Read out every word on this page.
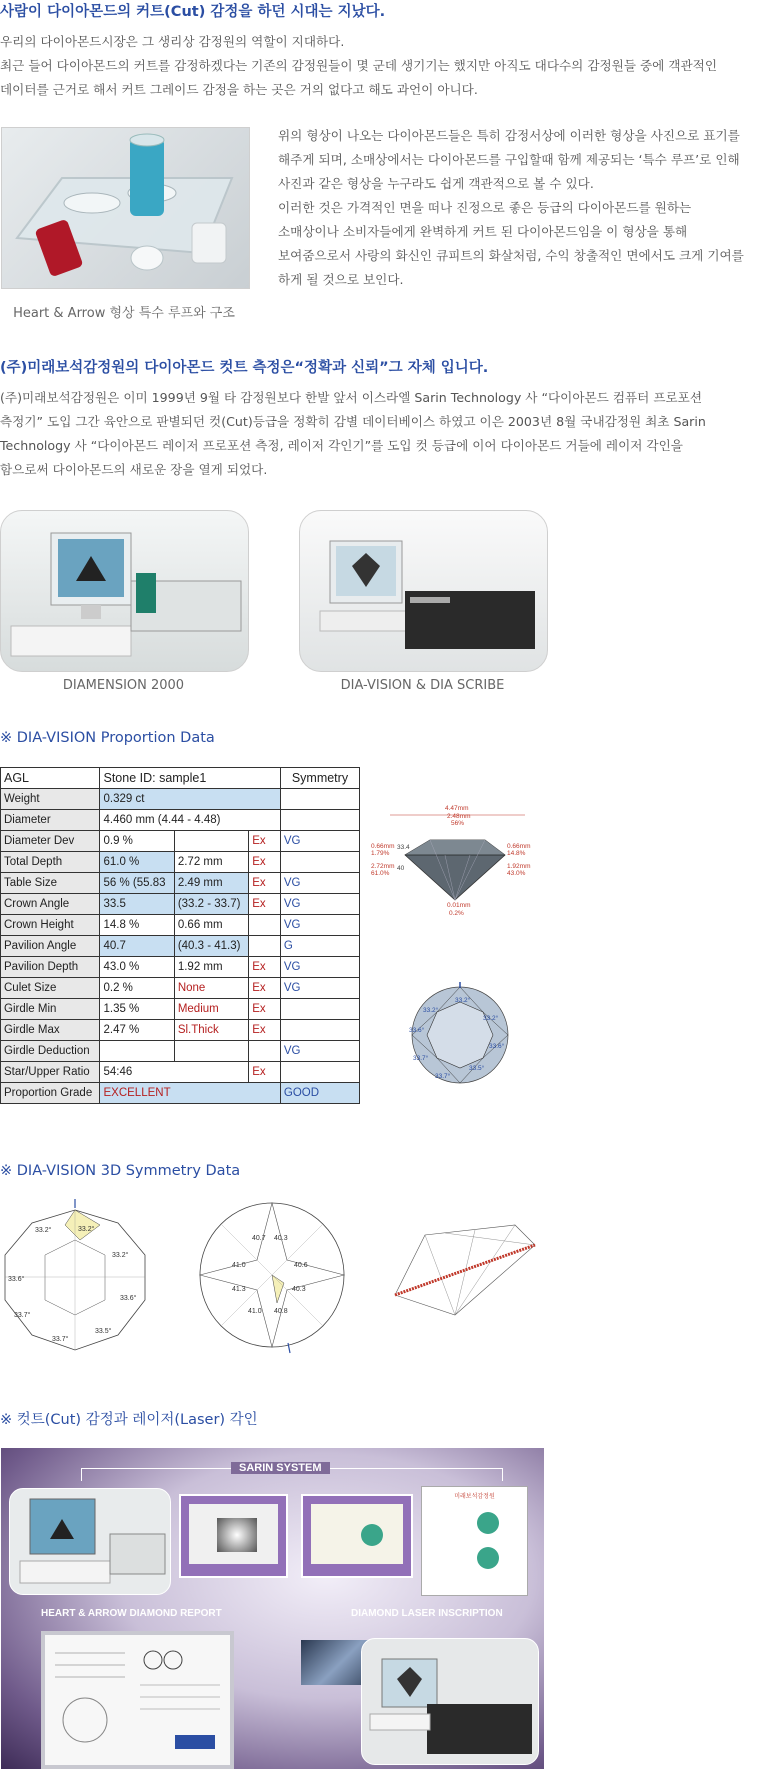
사람이 다이아몬드의 커트(Cut) 감정을 하던 시대는 지났다.
우리의 다이아몬드시장은 그 생리상 감정원의 역할이 지대하다.
최근 들어 다이아몬드의 커트를 감정하겠다는 기존의 감정원들이 몇 군데 생기기는 했지만 아직도 대다수의 감정원들 중에 객관적인
데이터를 근거로 해서 커트 그레이드 감정을 하는 곳은 거의 없다고 해도 과언이 아니다.
Heart & Arrow 형상 특수 루프와 구조
위의 형상이 나오는 다이아몬드들은 특히 감정서상에 이러한 형상을 사진으로 표기를
해주게 되며, 소매상에서는 다이아몬드를 구입할때 함께 제공되는 ‘특수 루프’로 인해
사진과 같은 형상을 누구라도 쉽게 객관적으로 볼 수 있다.
이러한 것은 가격적인 면을 떠나 진정으로 좋은 등급의 다이아몬드를 원하는
소매상이나 소비자들에게 완벽하게 커트 된 다이아몬드임을 이 형상을 통해
보여줌으로서 사랑의 화신인 큐피트의 화살처럼, 수익 창출적인 면에서도 크게 기여를
하게 될 것으로 보인다.
(주)미래보석감정원의 다이아몬드 컷트 측정은“정확과 신뢰”그 자체 입니다.
(주)미래보석감정원은 이미 1999년 9월 타 감정원보다 한발 앞서 이스라엘 Sarin Technology 사 “다이아몬드 컴퓨터 프로포션
측정기” 도입 그간 육안으로 판별되던 컷(Cut)등급을 정확히 감별 데이터베이스 하였고 이은 2003년 8월 국내감정원 최초 Sarin
Technology 사 “다이아몬드 레이저 프로포션 측정, 레이저 각인기”를 도입 컷 등급에 이어 다이아몬드 거들에 레이저 각인을
함으로써 다이아몬드의 새로운 장을 열게 되었다.
DIAMENSION 2000	DIA-VISION & DIA SCRIBE
※ DIA-VISION Proportion Data
AGL	Stone ID: sample1			Symmetry
Weight	0.329 ct			
Diameter	4.460 mm (4.44 - 4.48)			
Diameter Dev	0.9 %		Ex	VG
Total Depth	61.0 %	2.72 mm	Ex	
Table Size	56 % (55.83	2.49 mm	Ex	VG
Crown Angle	33.5	(33.2 - 33.7)	Ex	VG
Crown Height	14.8 %	0.66 mm		VG
Pavilion Angle	40.7	(40.3 - 41.3)		G
Pavilion Depth	43.0 %	1.92 mm	Ex	VG
Culet Size	0.2 %	None	Ex	VG
Girdle Min	1.35 %	Medium	Ex	
Girdle Max	2.47 %	Sl.Thick	Ex	
Girdle Deduction				VG
Star/Upper Ratio	54:46		Ex	
Proportion Grade	EXCELLENT			GOOD
4.47mm
2.48mm
56%
0.66mm
1.79%
2.72mm
61.0%
0.66mm
14.8%
1.92mm
43.0%
33.4
40
0.01mm
0.2%
33.2°
33.2°
33.6°
33.5°
33.7°
33.7°
33.6°
33.2°
※ DIA-VISION 3D Symmetry Data
33.2°
33.2°
33.2°
33.6°
33.6°
33.7°
33.7°
33.5°
40.7 40.3
41.0	40.6
41.3	40.3
41.0 40.8
※ 컷트(Cut) 감정과 레이저(Laser) 각인
SARIN SYSTEM
미래보석감정원
HEART & ARROW DIAMOND REPORT	DIAMOND LASER INSCRIPTION
